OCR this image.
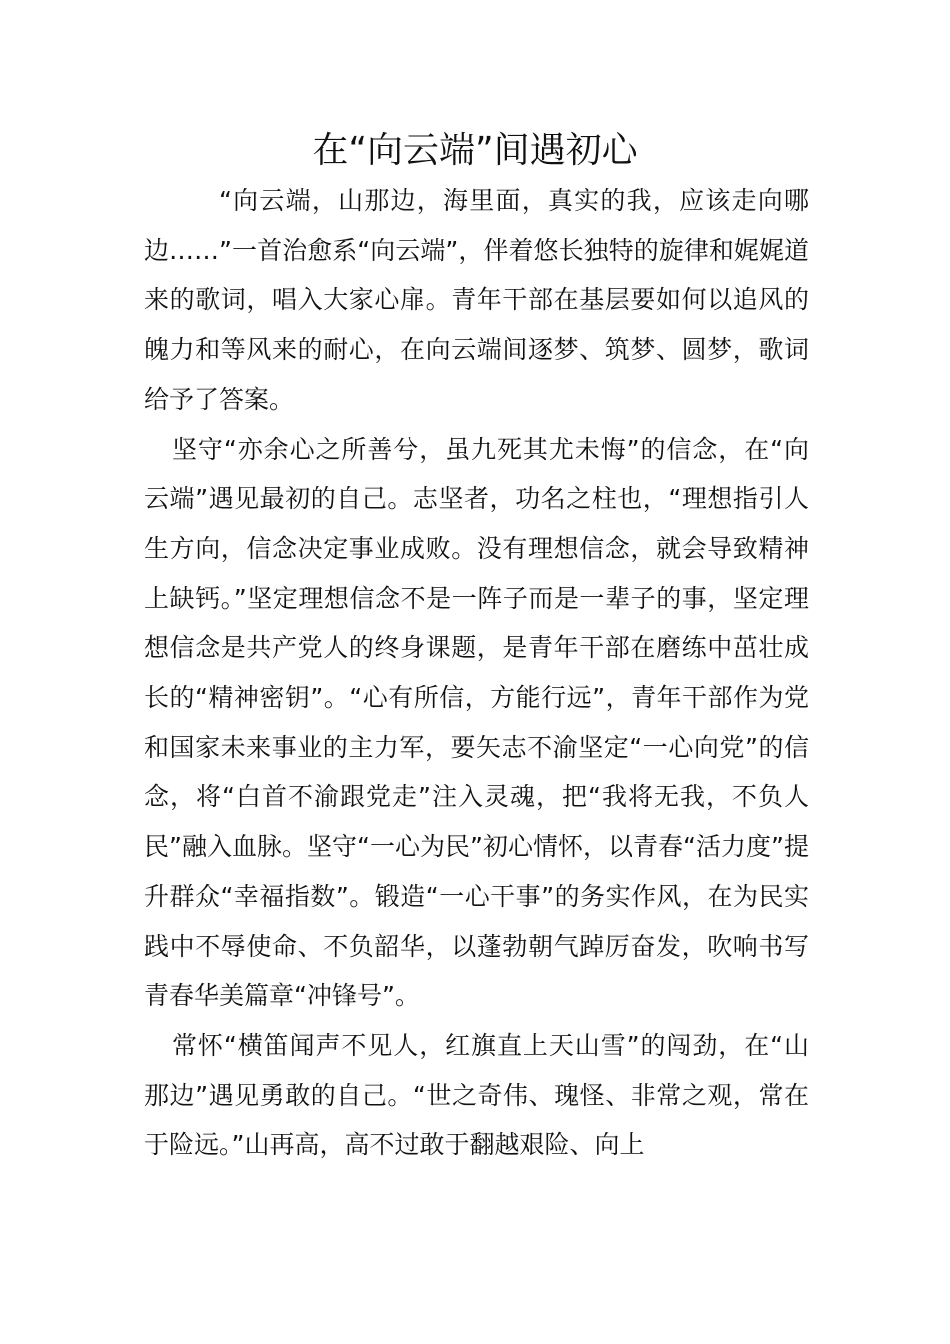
在“向云端”间遇初心

“向云端，山那边，海里面，真实的我，应该走向哪边……”一首治愈系“向云端”，伴着悠长独特的旋律和娓娓道来的歌词，唱入大家心扉。青年干部在基层要如何以追风的魄力和等风来的耐心，在向云端间逐梦、筑梦、圆梦，歌词给予了答案。

坚守“亦余心之所善兮，虽九死其尤未悔”的信念，在“向云端”遇见最初的自己。志坚者，功名之柱也，“理想指引人生方向，信念决定事业成败。没有理想信念，就会导致精神上缺钙。”坚定理想信念不是一阵子而是一辈子的事，坚定理想信念是共产党人的终身课题，是青年干部在磨练中茁壮成长的“精神密钥”。“心有所信，方能行远”，青年干部作为党和国家未来事业的主力军，要矢志不渝坚定“一心向党”的信念，将“白首不渝跟党走”注入灵魂，把“我将无我，不负人民”融入血脉。坚守“一心为民”初心情怀，以青春“活力度”提升群众“幸福指数”。锻造“一心干事”的务实作风，在为民实践中不辱使命、不负韶华，以蓬勃朝气踔厉奋发，吹响书写青春华美篇章“冲锋号”。

常怀“横笛闻声不见人，红旗直上天山雪”的闯劲，在“山那边”遇见勇敢的自己。“世之奇伟、瑰怪、非常之观，常在于险远。”山再高，高不过敢于翻越艰险、向上
